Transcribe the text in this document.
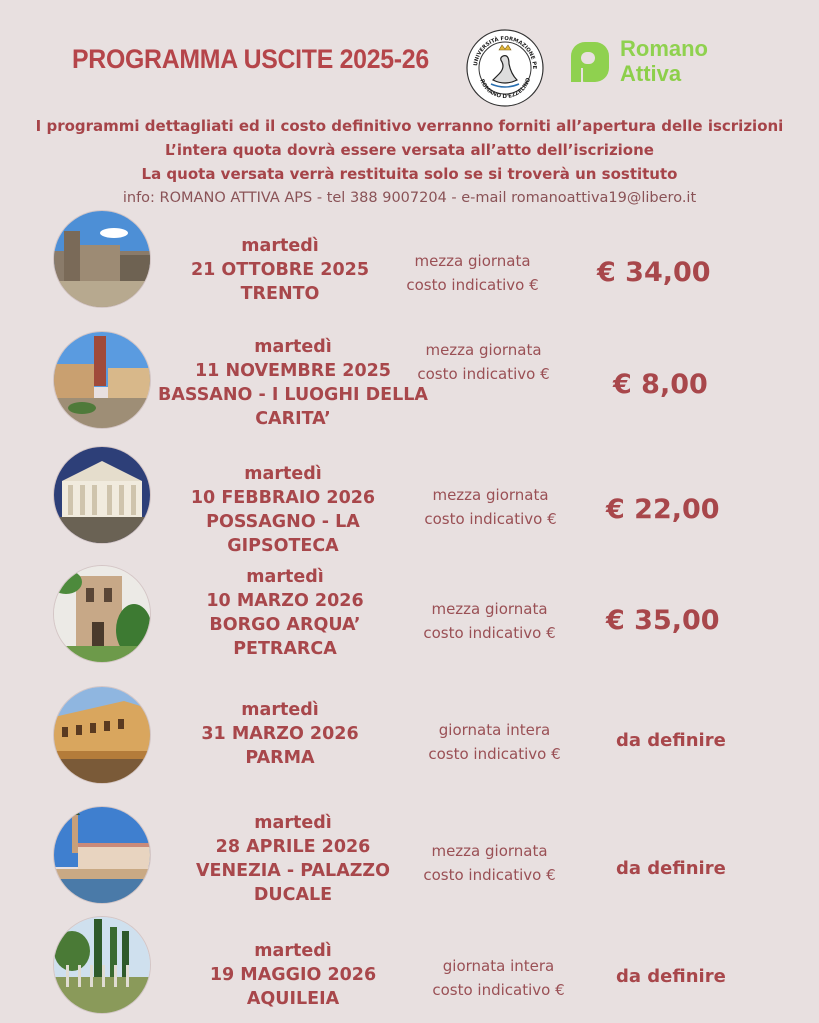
PROGRAMMA USCITE 2025-26	UNIVERSITÀ FORMAZIONE PE
ROMANO D'EZZELINO
Romano
Attiva
I programmi dettagliati ed il costo definitivo verranno forniti all’apertura delle iscrizioni
L’intera quota dovrà essere versata all’atto dell’iscrizione
La quota versata verrà restituita solo se si troverà un sostituto
info: ROMANO ATTIVA APS - tel 388 9007204 - e-mail romanoattiva19@libero.it
martedì
21 OTTOBRE 2025
TRENTO
mezza giornata
costo indicativo €	€ 34,00
martedì
11 NOVEMBRE 2025
BASSANO - I LUOGHI DELLA
CARITA’
mezza giornata
costo indicativo €	€ 8,00
martedì
10 FEBBRAIO 2026
POSSAGNO - LA GIPSOTECA
mezza giornata
costo indicativo €	€ 22,00
martedì
10 MARZO 2026
BORGO ARQUA’
PETRARCA
mezza giornata
costo indicativo €	€ 35,00
martedì
31 MARZO 2026
PARMA
giornata intera
costo indicativo €
da definire
martedì
28 APRILE 2026
VENEZIA - PALAZZO
DUCALE
mezza giornata
costo indicativo €	da definire
martedì
19 MAGGIO 2026
AQUILEIA
giornata intera
costo indicativo €
da definire
